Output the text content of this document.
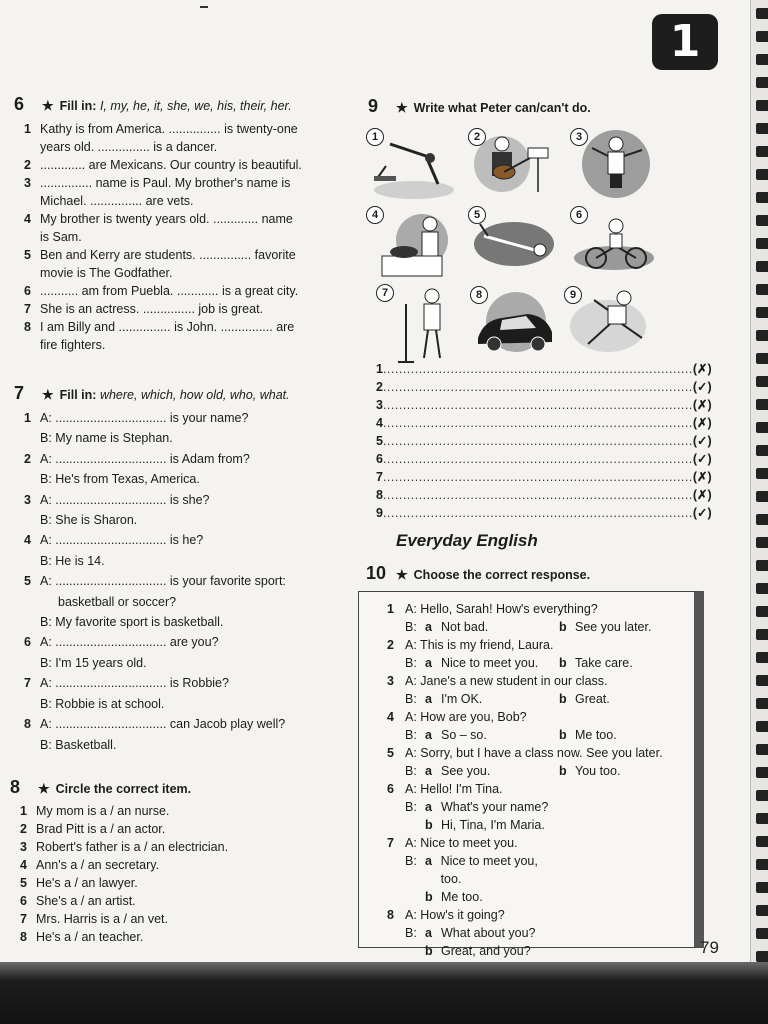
1
6	★ Fill in: I, my, he, it, she, we, his, their, her.
1 Kathy is from America. ............... is twenty-one
years old. ............... is a dancer.
2 ............. are Mexicans. Our country is beautiful.
3 ............... name is Paul. My brother's name is
Michael. ............... are vets.
4 My brother is twenty years old. ............. name
is Sam.
5 Ben and Kerry are students. ............... favorite
movie is The Godfather.
6 ........... am from Puebla. ............ is a great city.
7 She is an actress. ............... job is great.
8 I am Billy and ............... is John. ............... are
fire fighters.
7	★ Fill in: where, which, how old, who, what.
1 A: ................................ is your name?
B: My name is Stephan.
2 A: ................................ is Adam from?
B: He's from Texas, America.
3 A: ................................ is she?
B: She is Sharon.
4 A: ................................ is he?
B: He is 14.
5 A: ................................ is your favorite sport:
basketball or soccer?
B: My favorite sport is basketball.
6 A: ................................ are you?
B: I'm 15 years old.
7 A: ................................ is Robbie?
B: Robbie is at school.
8 A: ................................ can Jacob play well?
B: Basketball.
8	★ Circle the correct item.
1 My mom is a / an nurse.
2 Brad Pitt is a / an actor.
3 Robert's father is a / an electrician.
4 Ann's a / an secretary.
5 He's a / an lawyer.
6 She's a / an artist.
7 Mrs. Harris is a / an vet.
8 He's a / an teacher.
9	★ Write what Peter can/can't do.
1	2	3
4	5	6
7	8	9
1 .............................................................................. (✗)
2 .............................................................................. (✓)
3 .............................................................................. (✗)
4 .............................................................................. (✗)
5 .............................................................................. (✓)
6 .............................................................................. (✓)
7 .............................................................................. (✗)
8 .............................................................................. (✗)
9 .............................................................................. (✓)
Everyday English
10 ★ Choose the correct response.
1 A: Hello, Sarah! How's everything?
B: a Not bad.	b See you later.
2 A: This is my friend, Laura.
B: a Nice to meet you. b Take care.
3 A: Jane's a new student in our class.
B: a I'm OK.	b Great.
4 A: How are you, Bob?
B: a So – so.	b Me too.
5 A: Sorry, but I have a class now. See you later.
B: a See you.	b You too.
6 A: Hello! I'm Tina.
B: a What's your name?
b Hi, Tina, I'm Maria.
7 A: Nice to meet you.
B: a Nice to meet you, too.
b Me too.
8 A: How's it going?
B: a What about you?
b Great, and you?	79
